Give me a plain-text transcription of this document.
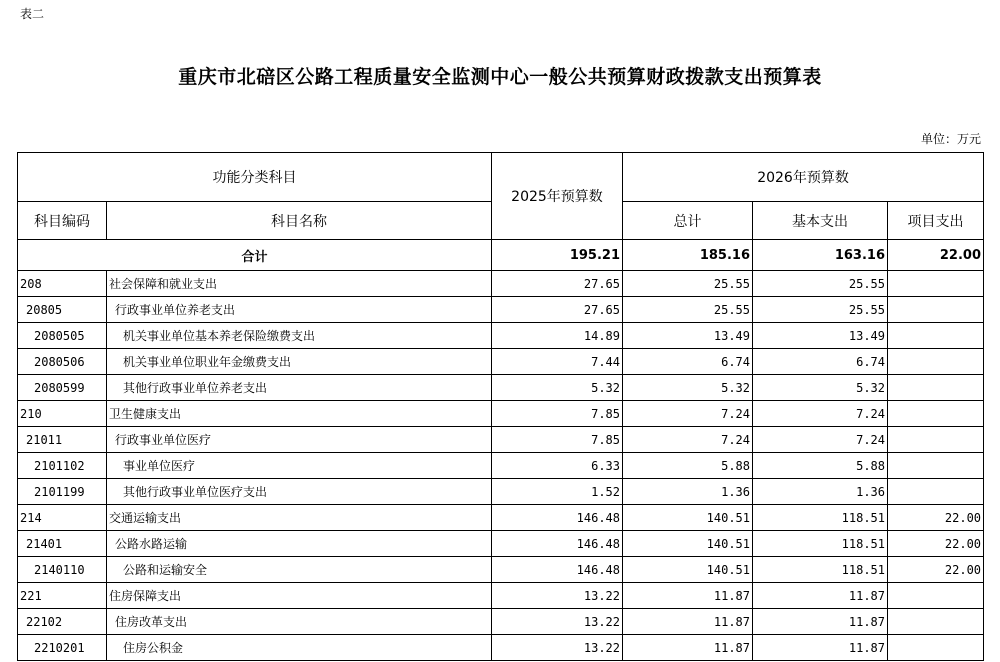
表二
重庆市北碚区公路工程质量安全监测中心一般公共预算财政拨款支出预算表
单位：万元
功能分类科目		2025年预算数	2026年预算数		
科目编码	科目名称		总计	基本支出	项目支出
合计		195.21	185.16	163.16	22.00
208	社会保障和就业支出	27.65	25.55	25.55	
20805	行政事业单位养老支出	27.65	25.55	25.55	
2080505	机关事业单位基本养老保险缴费支出	14.89	13.49	13.49	
2080506	机关事业单位职业年金缴费支出	7.44	6.74	6.74	
2080599	其他行政事业单位养老支出	5.32	5.32	5.32	
210	卫生健康支出	7.85	7.24	7.24	
21011	行政事业单位医疗	7.85	7.24	7.24	
2101102	事业单位医疗	6.33	5.88	5.88	
2101199	其他行政事业单位医疗支出	1.52	1.36	1.36	
214	交通运输支出	146.48	140.51	118.51	22.00
21401	公路水路运输	146.48	140.51	118.51	22.00
2140110	公路和运输安全	146.48	140.51	118.51	22.00
221	住房保障支出	13.22	11.87	11.87	
22102	住房改革支出	13.22	11.87	11.87	
2210201	住房公积金	13.22	11.87	11.87	
